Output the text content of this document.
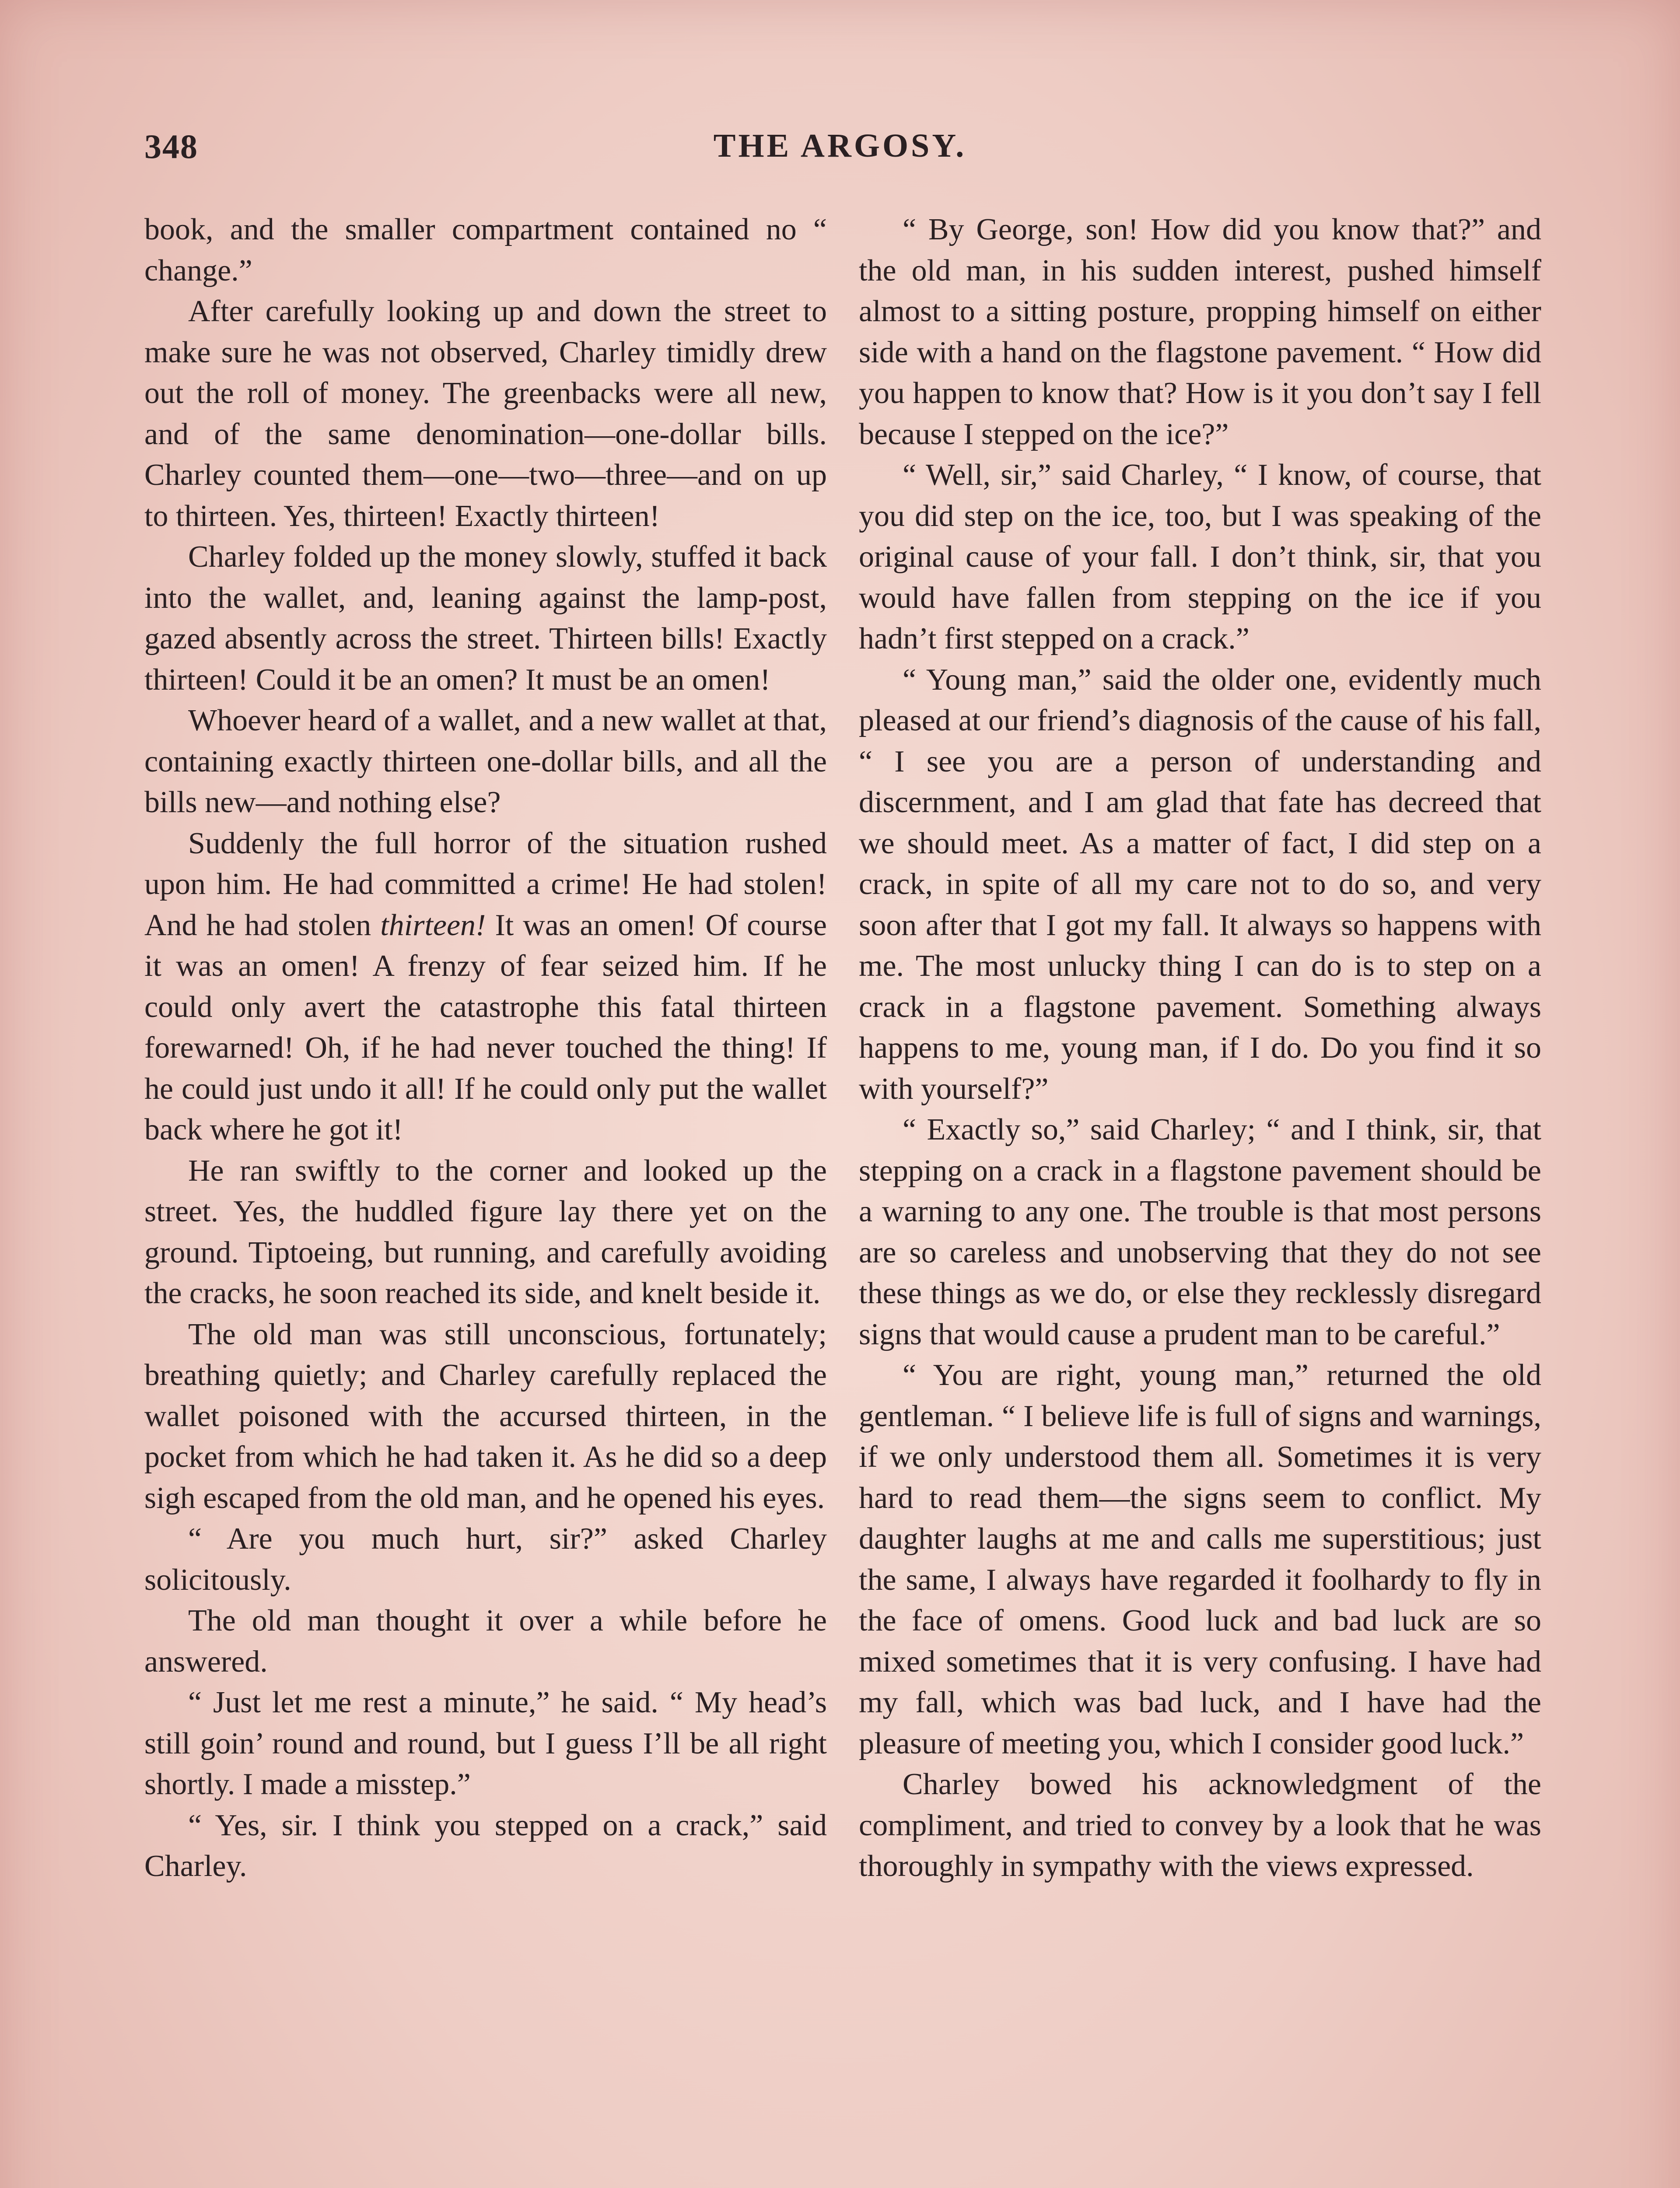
348	THE ARGOSY.

book, and the smaller compartment contained no “ change.”

After carefully looking up and down the street to make sure he was not observed, Charley timidly drew out the roll of money. The greenbacks were all new, and of the same denomination—one-dollar bills. Charley counted them—one—two—three—and on up to thirteen. Yes, thirteen! Exactly thirteen!

Charley folded up the money slowly, stuffed it back into the wallet, and, leaning against the lamp-post, gazed absently across the street. Thirteen bills! Exactly thirteen! Could it be an omen? It must be an omen!

Whoever heard of a wallet, and a new wallet at that, containing exactly thirteen one-dollar bills, and all the bills new—and nothing else?

Suddenly the full horror of the situation rushed upon him. He had committed a crime! He had stolen! And he had stolen thirteen! It was an omen! Of course it was an omen! A frenzy of fear seized him. If he could only avert the catastrophe this fatal thirteen forewarned! Oh, if he had never touched the thing! If he could just undo it all! If he could only put the wallet back where he got it!

He ran swiftly to the corner and looked up the street. Yes, the huddled figure lay there yet on the ground. Tiptoeing, but running, and carefully avoiding the cracks, he soon reached its side, and knelt beside it.

The old man was still unconscious, fortunately; breathing quietly; and Charley carefully replaced the wallet poisoned with the accursed thirteen, in the pocket from which he had taken it. As he did so a deep sigh escaped from the old man, and he opened his eyes.

“ Are you much hurt, sir?” asked Charley solicitously.

The old man thought it over a while before he answered.

“ Just let me rest a minute,” he said. “ My head’s still goin’ round and round, but I guess I’ll be all right shortly. I made a misstep.”

“ Yes, sir. I think you stepped on a crack,” said Charley.

“ By George, son! How did you know that?” and the old man, in his sudden interest, pushed himself almost to a sitting posture, propping himself on either side with a hand on the flagstone pavement. “ How did you happen to know that? How is it you don’t say I fell because I stepped on the ice?”

“ Well, sir,” said Charley, “ I know, of course, that you did step on the ice, too, but I was speaking of the original cause of your fall. I don’t think, sir, that you would have fallen from stepping on the ice if you hadn’t first stepped on a crack.”

“ Young man,” said the older one, evidently much pleased at our friend’s diagnosis of the cause of his fall, “ I see you are a person of understanding and discernment, and I am glad that fate has decreed that we should meet. As a matter of fact, I did step on a crack, in spite of all my care not to do so, and very soon after that I got my fall. It always so happens with me. The most unlucky thing I can do is to step on a crack in a flagstone pavement. Something always happens to me, young man, if I do. Do you find it so with yourself?”

“ Exactly so,” said Charley; “ and I think, sir, that stepping on a crack in a flagstone pavement should be a warning to any one. The trouble is that most persons are so careless and unobserving that they do not see these things as we do, or else they recklessly disregard signs that would cause a prudent man to be careful.”

“ You are right, young man,” returned the old gentleman. “ I believe life is full of signs and warnings, if we only understood them all. Sometimes it is very hard to read them—the signs seem to conflict. My daughter laughs at me and calls me superstitious; just the same, I always have regarded it foolhardy to fly in the face of omens. Good luck and bad luck are so mixed sometimes that it is very confusing. I have had my fall, which was bad luck, and I have had the pleasure of meeting you, which I consider good luck.”

Charley bowed his acknowledgment of the compliment, and tried to convey by a look that he was thoroughly in sympathy with the views expressed.
